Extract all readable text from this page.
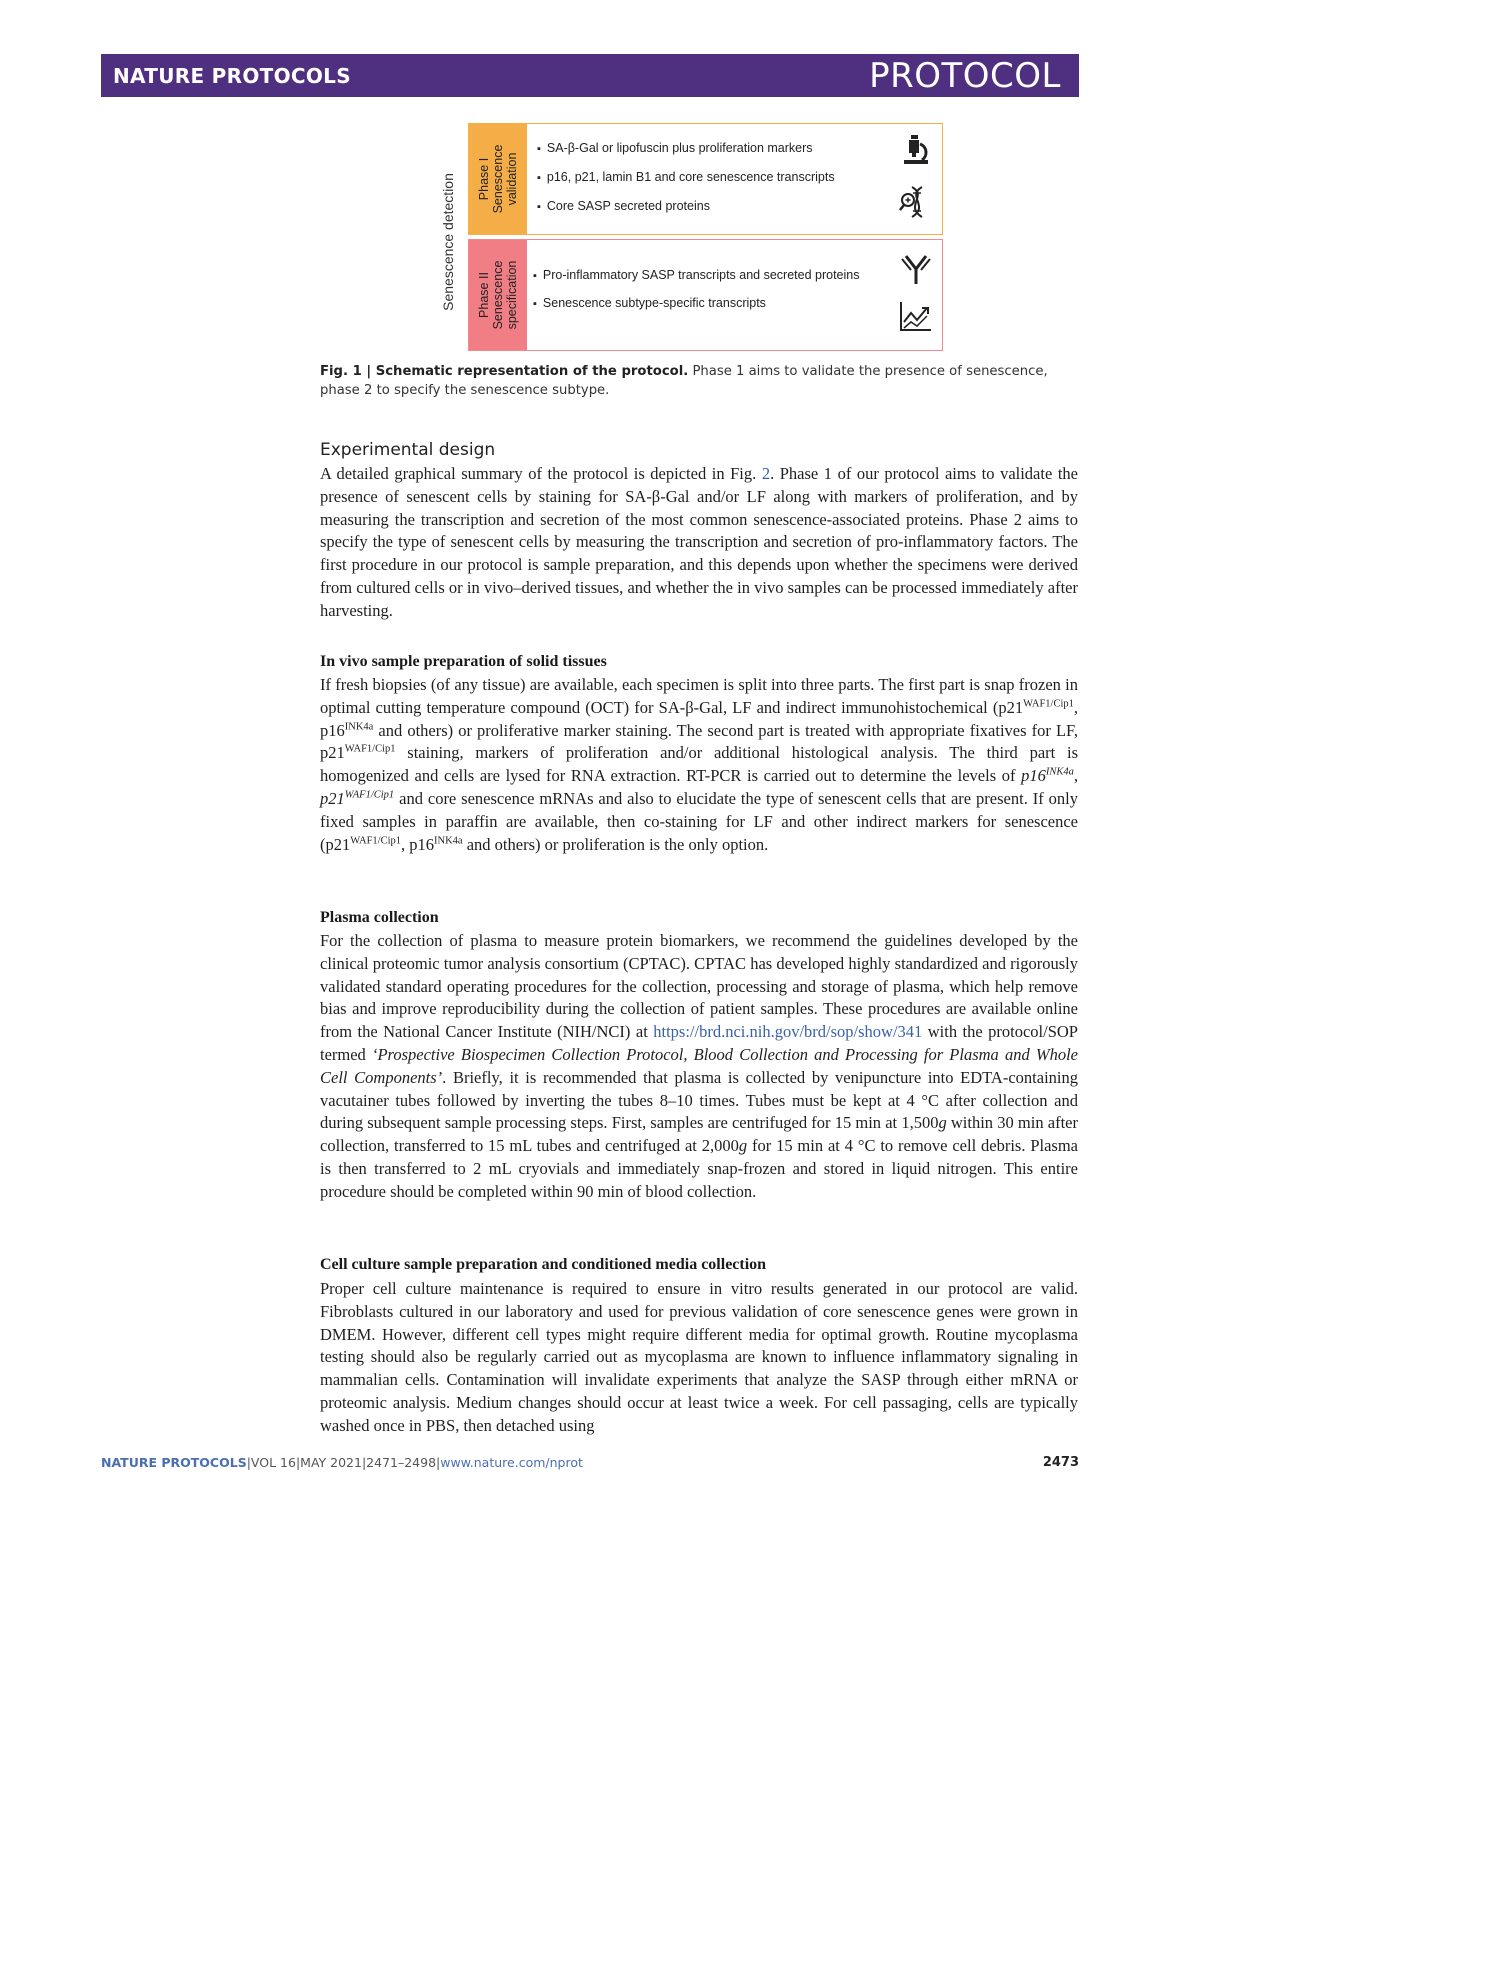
NATURE PROTOCOLS	PROTOCOL
Senescence detection Phase I Senescence validation
▪ SA-β-Gal or lipofuscin plus proliferation markers
▪ p16, p21, lamin B1 and core senescence transcripts
▪ Core SASP secreted proteins
Phase II Senescence specification
▪	Pro-inflammatory SASP transcripts and secreted proteins
▪ Senescence subtype-specific transcripts
Fig. 1 | Schematic representation of the protocol. Phase 1 aims to validate the presence of senescence, phase 2 to specify the senescence subtype.
Experimental design
A detailed graphical summary of the protocol is depicted in Fig. 2. Phase 1 of our protocol aims to validate the presence of senescent cells by staining for SA-β-Gal and/or LF along with markers of proliferation, and by measuring the transcription and secretion of the most common senescence-associated proteins. Phase 2 aims to specify the type of senescent cells by measuring the transcription and secretion of pro-inflammatory factors. The first procedure in our protocol is sample preparation, and this depends upon whether the specimens were derived from cultured cells or in vivo–derived tissues, and whether the in vivo samples can be processed immediately after harvesting.
In vivo sample preparation of solid tissues
If fresh biopsies (of any tissue) are available, each specimen is split into three parts. The first part is snap frozen in optimal cutting temperature compound (OCT) for SA-β-Gal, LF and indirect immunohistochemical ($p21^{WAF1/Cip1}$, $p16^{INK4a}$ and others) or proliferative marker staining. The second part is treated with appropriate fixatives for LF, $p21^{WAF1/Cip1}$ staining, markers of proliferation and/or additional histological analysis. The third part is homogenized and cells are lysed for RNA extraction. RT-PCR is carried out to determine the levels of $p16^{INK4a}$, $p21^{WAF1/Cip1}$ and core senescence mRNAs and also to elucidate the type of senescent cells that are present. If only fixed samples in paraffin are available, then co-staining for LF and other indirect markers for senescence ($p21^{WAF1/Cip1}$, $p16^{INK4a}$ and others) or proliferation is the only option.
Plasma collection
For the collection of plasma to measure protein biomarkers, we recommend the guidelines developed by the clinical proteomic tumor analysis consortium (CPTAC). CPTAC has developed highly standardized and rigorously validated standard operating procedures for the collection, processing and storage of plasma, which help remove bias and improve reproducibility during the collection of patient samples. These procedures are available online from the National Cancer Institute (NIH/NCI) at https://brd.nci.nih.gov/brd/sop/show/341 with the protocol/SOP termed ‘Prospective Biospecimen Collection Protocol, Blood Collection and Processing for Plasma and Whole Cell Components’. Briefly, it is recommended that plasma is collected by venipuncture into EDTA-containing vacutainer tubes followed by inverting the tubes 8–10 times. Tubes must be kept at 4 °C after collection and during subsequent sample processing steps. First, samples are centrifuged for 15 min at 1,500g within 30 min after collection, transferred to 15 mL tubes and centrifuged at 2,000g for 15 min at 4 °C to remove cell debris. Plasma is then transferred to 2 mL cryovials and immediately snap-frozen and stored in liquid nitrogen. This entire procedure should be completed within 90 min of blood collection.
Cell culture sample preparation and conditioned media collection
Proper cell culture maintenance is required to ensure in vitro results generated in our protocol are valid. Fibroblasts cultured in our laboratory and used for previous validation of core senescence genes were grown in DMEM. However, different cell types might require different media for optimal growth. Routine mycoplasma testing should also be regularly carried out as mycoplasma are known to influence inflammatory signaling in mammalian cells. Contamination will invalidate experiments that analyze the SASP through either mRNA or proteomic analysis. Medium changes should occur at least twice a week. For cell passaging, cells are typically washed once in PBS, then detached using
NATURE PROTOCOLS|VOL 16|MAY 2021|2471–2498|www.nature.com/nprot	2473
